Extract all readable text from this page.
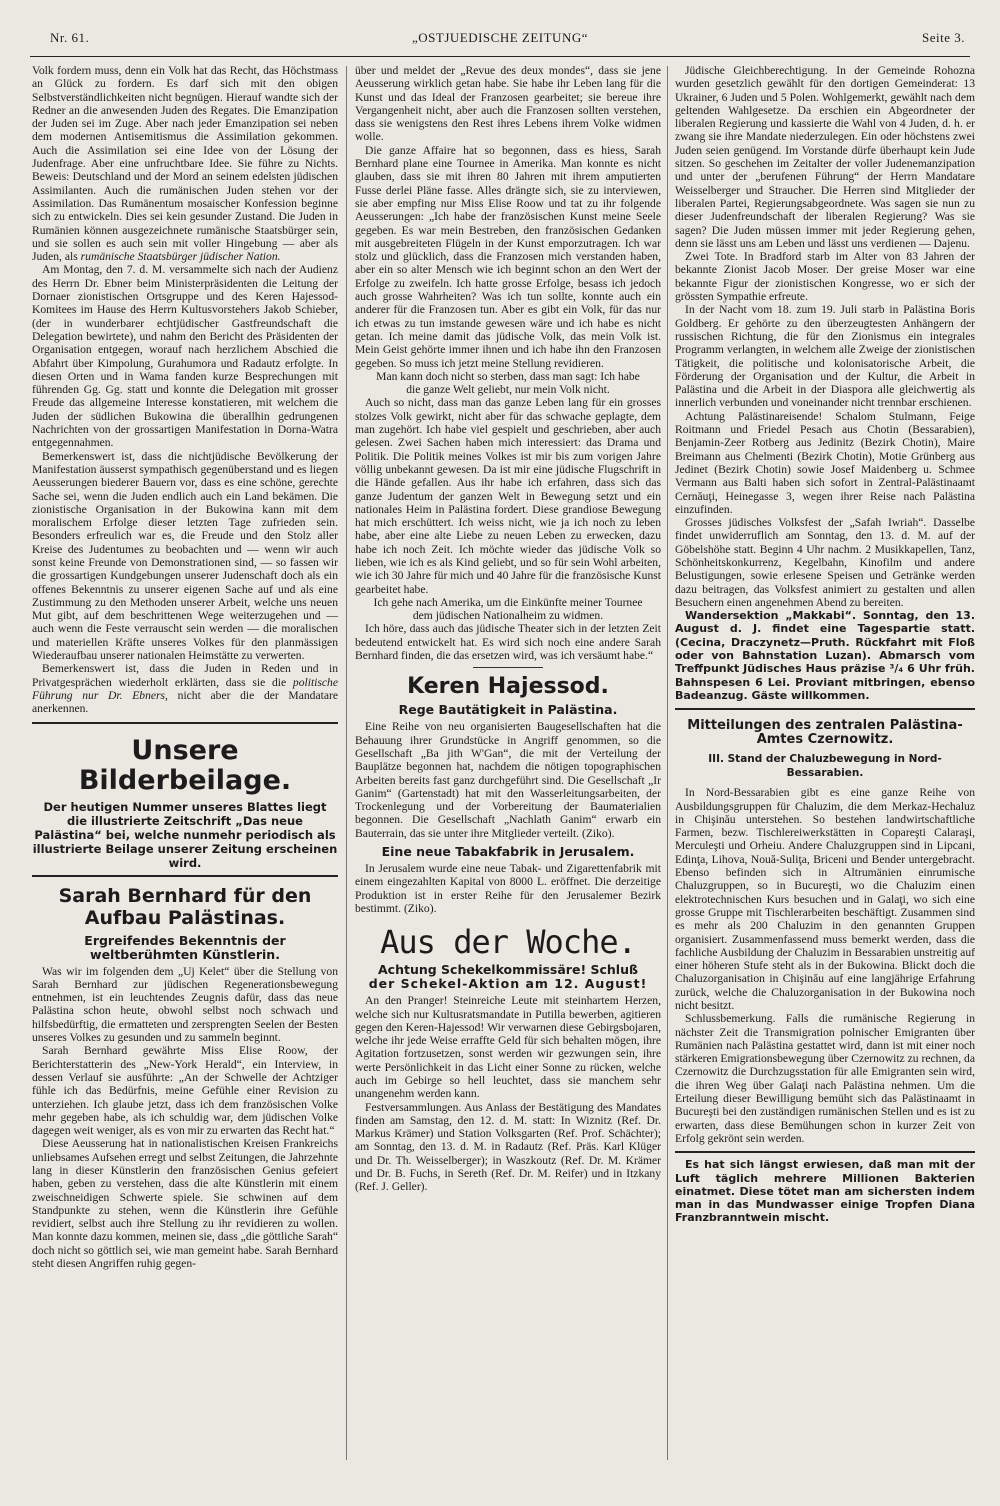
Nr. 61.	„OSTJUEDISCHE ZEITUNG“	Seite 3.

Volk fordern muss, denn ein Volk hat das Recht, das Höchstmass an Glück zu fordern. Es darf sich mit den obigen Selbstverständlichkeiten nicht begnügen. Hierauf wandte sich der Redner an die anwesenden Juden des Regates. Die Emanzipation der Juden sei im Zuge. Aber nach jeder Emanzipation sei neben dem modernen Antisemitismus die Assimilation gekommen. Auch die Assimilation sei eine Idee von der Lösung der Judenfrage. Aber eine unfruchtbare Idee. Sie führe zu Nichts. Beweis: Deutschland und der Mord an seinem edelsten jüdischen Assimilanten. Auch die rumänischen Juden stehen vor der Assimilation. Das Rumänentum mosaischer Konfession beginne sich zu entwickeln. Dies sei kein gesunder Zustand. Die Juden in Rumänien können ausgezeichnete rumänische Staatsbürger sein, und sie sollen es auch sein mit voller Hingebung — aber als Juden, als rumänische Staatsbürger jüdischer Nation.

Am Montag, den 7. d. M. versammelte sich nach der Audienz des Herrn Dr. Ebner beim Ministerpräsidenten die Leitung der Dornaer zionistischen Ortsgruppe und des Keren Hajessod-Komitees im Hause des Herrn Kultusvorstehers Jakob Schieber, (der in wunderbarer echtjüdischer Gastfreundschaft die Delegation bewirtete), und nahm den Bericht des Präsidenten der Organisation entgegen, worauf nach herzlichem Abschied die Abfahrt über Kimpolung, Gurahumora und Radautz erfolgte. In diesen Orten und in Wama fanden kurze Besprechungen mit führenden Gg. Gg. statt und konnte die Delegation mit grosser Freude das allgemeine Interesse konstatieren, mit welchem die Juden der südlichen Bukowina die überallhin gedrungenen Nachrichten von der grossartigen Manifestation in Dorna-Watra entgegennahmen.

Bemerkenswert ist, dass die nichtjüdische Bevölkerung der Manifestation äusserst sympathisch gegenüberstand und es liegen Aeusserungen biederer Bauern vor, dass es eine schöne, gerechte Sache sei, wenn die Juden endlich auch ein Land bekämen. Die zionistische Organisation in der Bukowina kann mit dem moralischem Erfolge dieser letzten Tage zufrieden sein. Besonders erfreulich war es, die Freude und den Stolz aller Kreise des Judentumes zu beobachten und — wenn wir auch sonst keine Freunde von Demonstrationen sind, — so fassen wir die grossartigen Kundgebungen unserer Judenschaft doch als ein offenes Bekenntnis zu unserer eigenen Sache auf und als eine Zustimmung zu den Methoden unserer Arbeit, welche uns neuen Mut gibt, auf dem beschrittenen Wege weiterzugehen und — auch wenn die Feste verrauscht sein werden — die moralischen und materiellen Kräfte unseres Volkes für den planmässigen Wiederaufbau unserer nationalen Heimstätte zu verwerten.

Bemerkenswert ist, dass die Juden in Reden und in Privatgesprächen wiederholt erklärten, dass sie die politische Führung nur Dr. Ebners, nicht aber die der Mandatare anerkennen.

Unsere Bilderbeilage.
Der heutigen Nummer unseres Blattes liegt die illustrierte Zeitschrift „Das neue Palästina“ bei, welche nunmehr periodisch als illustrierte Beilage unserer Zeitung erscheinen wird.
Sarah Bernhard für den Aufbau Palästinas.
Ergreifendes Bekenntnis der weltberühmten Künstlerin.

Was wir im folgenden dem „Uj Kelet“ über die Stellung von Sarah Bernhard zur jüdischen Regenerationsbewegung entnehmen, ist ein leuchtendes Zeugnis dafür, dass das neue Palästina schon heute, obwohl selbst noch schwach und hilfsbedürftig, die ermatteten und zersprengten Seelen der Besten unseres Volkes zu gesunden und zu sammeln beginnt.

Sarah Bernhard gewährte Miss Elise Roow, der Berichterstatterin des „New-York Herald“, ein Interview, in dessen Verlauf sie ausführte: „An der Schwelle der Achtziger fühle ich das Bedürfnis, meine Gefühle einer Revision zu unterziehen. Ich glaube jetzt, dass ich dem französischen Volke mehr gegeben habe, als ich schuldig war, dem jüdischen Volke dagegen weit weniger, als es von mir zu erwarten das Recht hat.“

Diese Aeusserung hat in nationalistischen Kreisen Frankreichs unliebsames Aufsehen erregt und selbst Zeitungen, die Jahrzehnte lang in dieser Künstlerin den französischen Genius gefeiert haben, geben zu verstehen, dass die alte Künstlerin mit einem zweischneidigen Schwerte spiele. Sie schwinen auf dem Standpunkte zu stehen, wenn die Künstlerin ihre Gefühle revidiert, selbst auch ihre Stellung zu ihr revidieren zu wollen. Man konnte dazu kommen, meinen sie, dass „die göttliche Sarah“ doch nicht so göttlich sei, wie man gemeint habe. Sarah Bernhard steht diesen Angriffen ruhig gegen-

über und meldet der „Revue des deux mondes“, dass sie jene Aeusserung wirklich getan habe. Sie habe ihr Leben lang für die Kunst und das Ideal der Franzosen gearbeitet; sie bereue ihre Vergangenheit nicht, aber auch die Franzosen sollten verstehen, dass sie wenigstens den Rest ihres Lebens ihrem Volke widmen wolle.

Die ganze Affaire hat so begonnen, dass es hiess, Sarah Bernhard plane eine Tournee in Amerika. Man konnte es nicht glauben, dass sie mit ihren 80 Jahren mit ihrem amputierten Fusse derlei Pläne fasse. Alles drängte sich, sie zu interviewen, sie aber empfing nur Miss Elise Roow und tat zu ihr folgende Aeusserungen: „Ich habe der französischen Kunst meine Seele gegeben. Es war mein Bestreben, den französischen Gedanken mit ausgebreiteten Flügeln in der Kunst emporzutragen. Ich war stolz und glücklich, dass die Franzosen mich verstanden haben, aber ein so alter Mensch wie ich beginnt schon an den Wert der Erfolge zu zweifeln. Ich hatte grosse Erfolge, besass ich jedoch auch grosse Wahrheiten? Was ich tun sollte, konnte auch ein anderer für die Franzosen tun. Aber es gibt ein Volk, für das nur ich etwas zu tun imstande gewesen wäre und ich habe es nicht getan. Ich meine damit das jüdische Volk, das mein Volk ist. Mein Geist gehörte immer ihnen und ich habe ihn den Franzosen gegeben. So muss ich jetzt meine Stellung revidieren.

Man kann doch nicht so sterben, dass man sagt: Ich habe die ganze Welt geliebt, nur mein Volk nicht.

Auch so nicht, dass man das ganze Leben lang für ein grosses stolzes Volk gewirkt, nicht aber für das schwache geplagte, dem man zugehört. Ich habe viel gespielt und geschrieben, aber auch gelesen. Zwei Sachen haben mich interessiert: das Drama und Politik. Die Politik meines Volkes ist mir bis zum vorigen Jahre völlig unbekannt gewesen. Da ist mir eine jüdische Flugschrift in die Hände gefallen. Aus ihr habe ich erfahren, dass sich das ganze Judentum der ganzen Welt in Bewegung setzt und ein nationales Heim in Palästina fordert. Diese grandiose Bewegung hat mich erschüttert. Ich weiss nicht, wie ja ich noch zu leben habe, aber eine alte Liebe zu neuen Leben zu erwecken, dazu habe ich noch Zeit. Ich möchte wieder das jüdische Volk so lieben, wie ich es als Kind geliebt, und so für sein Wohl arbeiten, wie ich 30 Jahre für mich und 40 Jahre für die französische Kunst gearbeitet habe.

Ich gehe nach Amerika, um die Einkünfte meiner Tournee dem jüdischen Nationalheim zu widmen.

Ich höre, dass auch das jüdische Theater sich in der letzten Zeit bedeutend entwickelt hat. Es wird sich noch eine andere Sarah Bernhard finden, die das ersetzen wird, was ich versäumt habe.“

Keren Hajessod.
Rege Bautätigkeit in Palästina.

Eine Reihe von neu organisierten Baugesellschaften hat die Behauung ihrer Grundstücke in Angriff genommen, so die Gesellschaft „Ba jith W'Gan“, die mit der Verteilung der Bauplätze begonnen hat, nachdem die nötigen topographischen Arbeiten bereits fast ganz durchgeführt sind. Die Gesellschaft „Ir Ganim“ (Gartenstadt) hat mit den Wasserleitungsarbeiten, der Trockenlegung und der Vorbereitung der Baumaterialien begonnen. Die Gesellschaft „Nachlath Ganim“ erwarb ein Bauterrain, das sie unter ihre Mitglieder verteilt. (Ziko).

Eine neue Tabakfabrik in Jerusalem.

In Jerusalem wurde eine neue Tabak- und Zigarettenfabrik mit einem eingezahlten Kapital von 8000 L. eröffnet. Die derzeitige Produktion ist in erster Reihe für den Jerusalemer Bezirk bestimmt. (Ziko).

Aus der Woche.
Achtung Schekelkommissäre! Schluß
der Schekel-Aktion am 12. August!

An den Pranger! Steinreiche Leute mit steinhartem Herzen, welche sich nur Kultusratsmandate in Putilla bewerben, agitieren gegen den Keren-Hajessod! Wir verwarnen diese Gebirgsbojaren, welche ihr jede Weise erraffte Geld für sich behalten mögen, ihre Agitation fortzusetzen, sonst werden wir gezwungen sein, ihre werte Persönlichkeit in das Licht einer Sonne zu rücken, welche auch im Gebirge so hell leuchtet, dass sie manchem sehr unangenehm werden kann.

Festversammlungen. Aus Anlass der Bestätigung des Mandates finden am Samstag, den 12. d. M. statt: In Wiznitz (Ref. Dr. Markus Krämer) und Station Volksgarten (Ref. Prof. Schächter); am Sonntag, den 13. d. M. in Radautz (Ref. Präs. Karl Klüger und Dr. Th. Weisselberger); in Waszkoutz (Ref. Dr. M. Krämer und Dr. B. Fuchs, in Sereth (Ref. Dr. M. Reifer) und in Itzkany (Ref. J. Geller).

Jüdische Gleichberechtigung. In der Gemeinde Rohozna wurden gesetzlich gewählt für den dortigen Gemeinderat: 13 Ukrainer, 6 Juden und 5 Polen. Wohlgemerkt, gewählt nach dem geltenden Wahlgesetze. Da erschien ein Abgeordneter der liberalen Regierung und kassierte die Wahl von 4 Juden, d. h. er zwang sie ihre Mandate niederzulegen. Ein oder höchstens zwei Juden seien genügend. Im Vorstande dürfe überhaupt kein Jude sitzen. So geschehen im Zeitalter der voller Judenemanzipation und unter der „berufenen Führung“ der Herrn Mandatare Weisselberger und Straucher. Die Herren sind Mitglieder der liberalen Partei, Regierungsabgeordnete. Was sagen sie nun zu dieser Judenfreundschaft der liberalen Regierung? Was sie sagen? Die Juden müssen immer mit jeder Regierung gehen, denn sie lässt uns am Leben und lässt uns verdienen — Dajenu.

Zwei Tote. In Bradford starb im Alter von 83 Jahren der bekannte Zionist Jacob Moser. Der greise Moser war eine bekannte Figur der zionistischen Kongresse, wo er sich der grössten Sympathie erfreute.

In der Nacht vom 18. zum 19. Juli starb in Palästina Boris Goldberg. Er gehörte zu den überzeugtesten Anhängern der russischen Richtung, die für den Zionismus ein integrales Programm verlangten, in welchem alle Zweige der zionistischen Tätigkeit, die politische und kolonisatorische Arbeit, die Förderung der Organisation und der Kultur, die Arbeit in Palästina und die Arbeit in der Diaspora alle gleichwertig als innerlich verbunden und voneinander nicht trennbar erschienen.

Achtung Palästinareisende! Schalom Stulmann, Feige Roitmann und Friedel Pesach aus Chotin (Bessarabien), Benjamin-Zeer Rotberg aus Jedinitz (Bezirk Chotin), Maire Breimann aus Chelmenti (Bezirk Chotin), Motie Grünberg aus Jedinet (Bezirk Chotin) sowie Josef Maidenberg u. Schmee Vermann aus Balti haben sich sofort in Zentral-Palästinaamt Cernăuţi, Heinegasse 3, wegen ihrer Reise nach Palästina einzufinden.

Grosses jüdisches Volksfest der „Safah Iwriah“. Dasselbe findet unwiderruflich am Sonntag, den 13. d. M. auf der Göbelshöhe statt. Beginn 4 Uhr nachm. 2 Musikkapellen, Tanz, Schönheitskonkurrenz, Kegelbahn, Kinofilm und andere Belustigungen, sowie erlesene Speisen und Getränke werden dazu beitragen, das Volksfest animiert zu gestalten und allen Besuchern einen angenehmen Abend zu bereiten.

Wandersektion „Makkabi“. Sonntag, den 13. August d. J. findet eine Tagespartie statt. (Cecina, Draczynetz—Pruth. Rückfahrt mit Floß oder von Bahnstation Luzan). Abmarsch vom Treffpunkt Jüdisches Haus präzise ³/₄ 6 Uhr früh. Bahnspesen 6 Lei. Proviant mitbringen, ebenso Badeanzug. Gäste willkommen.

Mitteilungen des zentralen Palästina-Amtes Czernowitz.
III. Stand der Chaluzbewegung in Nord-Bessarabien.

In Nord-Bessarabien gibt es eine ganze Reihe von Ausbildungsgruppen für Chaluzim, die dem Merkaz-Hechaluz in Chişinău unterstehen. So bestehen landwirtschaftliche Farmen, bezw. Tischlereiwerkstätten in Copareşti Calaraşi, Merculeşti und Orheiu. Andere Chaluzgruppen sind in Lipcani, Edinţa, Lihova, Nouă-Suliţa, Briceni und Bender untergebracht. Ebenso befinden sich in Altrumänien einrumische Chaluzgruppen, so in Bucureşti, wo die Chaluzim einen elektrotechnischen Kurs besuchen und in Galaţi, wo sich eine grosse Gruppe mit Tischlerarbeiten beschäftigt. Zusammen sind es mehr als 200 Chaluzim in den genannten Gruppen organisiert. Zusammenfassend muss bemerkt werden, dass die fachliche Ausbildung der Chaluzim in Bessarabien unstreitig auf einer höheren Stufe steht als in der Bukowina. Blickt doch die Chaluzorganisation in Chişinău auf eine langjährige Erfahrung zurück, welche die Chaluzorganisation in der Bukowina noch nicht besitzt.

Schlussbemerkung. Falls die rumänische Regierung in nächster Zeit die Transmigration polnischer Emigranten über Rumänien nach Palästina gestattet wird, dann ist mit einer noch stärkeren Emigrationsbewegung über Czernowitz zu rechnen, da Czernowitz die Durchzugsstation für alle Emigranten sein wird, die ihren Weg über Galaţi nach Palästina nehmen. Um die Erteilung dieser Bewilligung bemüht sich das Palästinaamt in Bucureşti bei den zuständigen rumänischen Stellen und es ist zu erwarten, dass diese Bemühungen schon in kurzer Zeit von Erfolg gekrönt sein werden.

Es hat sich längst erwiesen, daß man mit der Luft täglich mehrere Millionen Bakterien einatmet. Diese tötet man am sichersten indem man in das Mundwasser einige Tropfen Diana Franzbranntwein mischt.
